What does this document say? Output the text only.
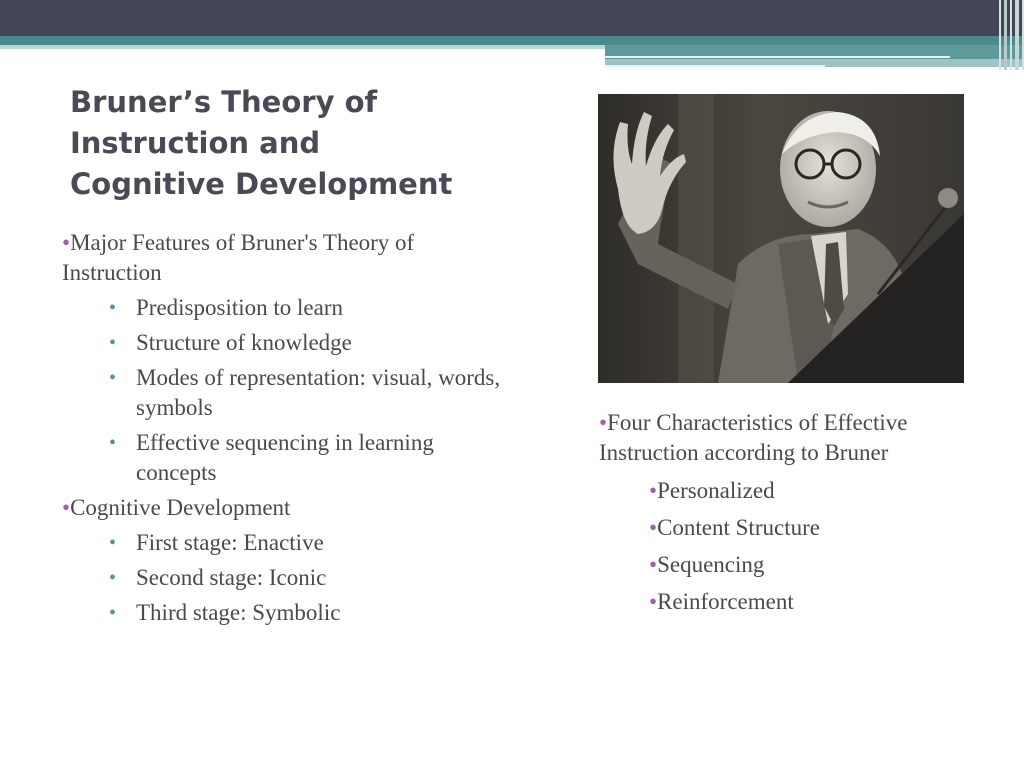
Bruner’s Theory of
Instruction and
Cognitive Development
•Major Features of Bruner's Theory of Instruction
• Predisposition to learn
• Structure of knowledge
• Modes of representation: visual, words, symbols
• Effective sequencing in learning concepts
•Cognitive Development
• First stage: Enactive
• Second stage: Iconic
• Third stage: Symbolic
•Four Characteristics of Effective Instruction according to Bruner
•Personalized
•Content Structure
•Sequencing
•Reinforcement
